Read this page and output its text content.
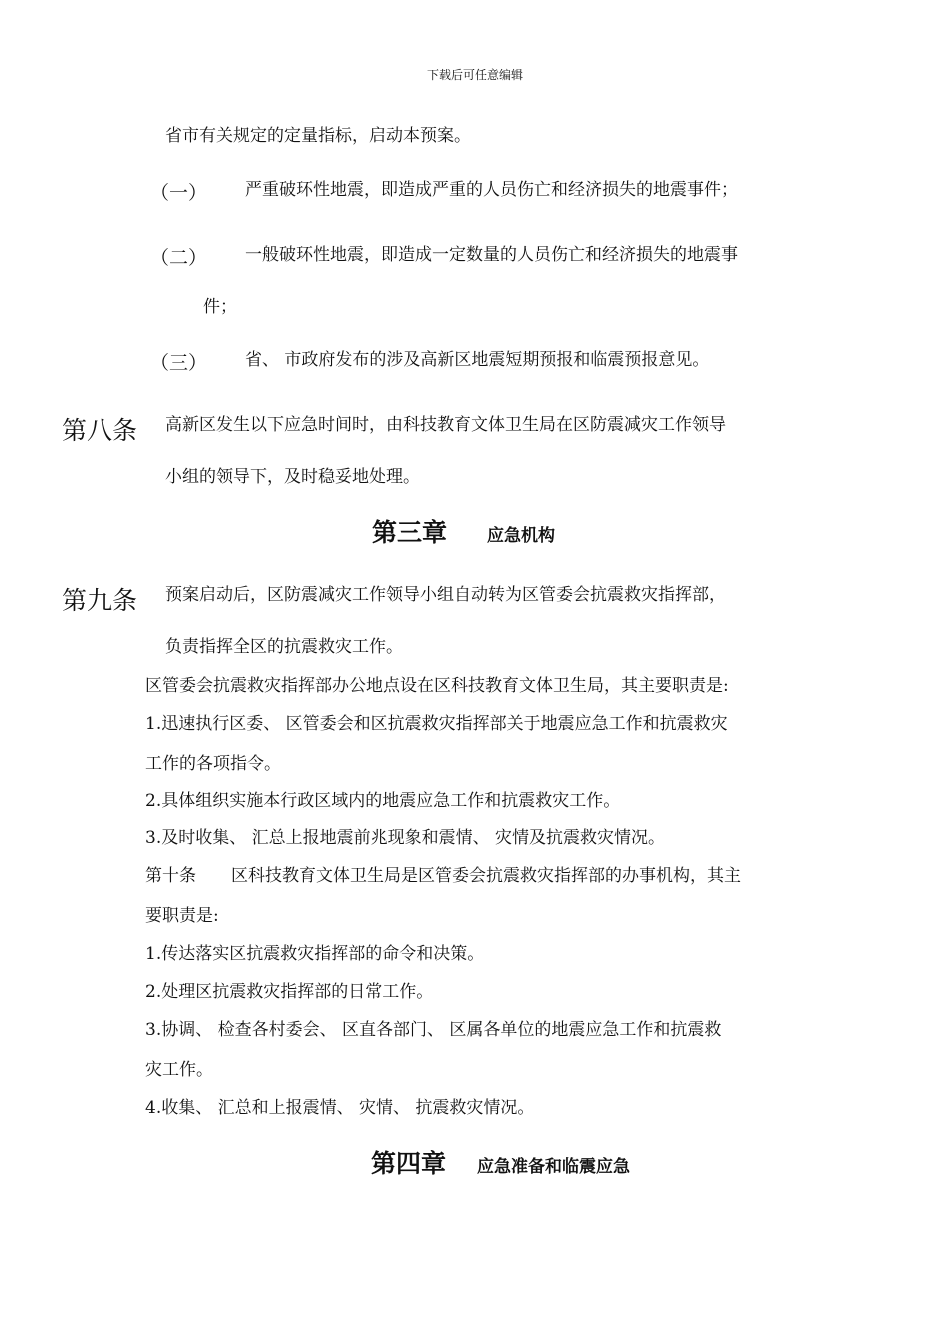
下载后可任意编辑
省市有关规定的定量指标，启动本预案。
（一） 严重破环性地震，即造成严重的人员伤亡和经济损失的地震事件；
（二） 一般破环性地震，即造成一定数量的人员伤亡和经济损失的地震事
件；
（三） 省、 市政府发布的涉及高新区地震短期预报和临震预报意见。
第八条 高新区发生以下应急时间时，由科技教育文体卫生局在区防震减灾工作领导
小组的领导下，及时稳妥地处理。
第三章 应急机构
第九条 预案启动后，区防震减灾工作领导小组自动转为区管委会抗震救灾指挥部，
负责指挥全区的抗震救灾工作。
区管委会抗震救灾指挥部办公地点设在区科技教育文体卫生局，其主要职责是:
1.迅速执行区委、 区管委会和区抗震救灾指挥部关于地震应急工作和抗震救灾
工作的各项指令。
2.具体组织实施本行政区域内的地震应急工作和抗震救灾工作。
3.及时收集、 汇总上报地震前兆现象和震情、 灾情及抗震救灾情况。
第十条 区科技教育文体卫生局是区管委会抗震救灾指挥部的办事机构，其主
要职责是:
1.传达落实区抗震救灾指挥部的命令和决策。
2.处理区抗震救灾指挥部的日常工作。
3.协调、 检查各村委会、 区直各部门、 区属各单位的地震应急工作和抗震救
灾工作。
4.收集、 汇总和上报震情、 灾情、 抗震救灾情况。
第四章 应急准备和临震应急
